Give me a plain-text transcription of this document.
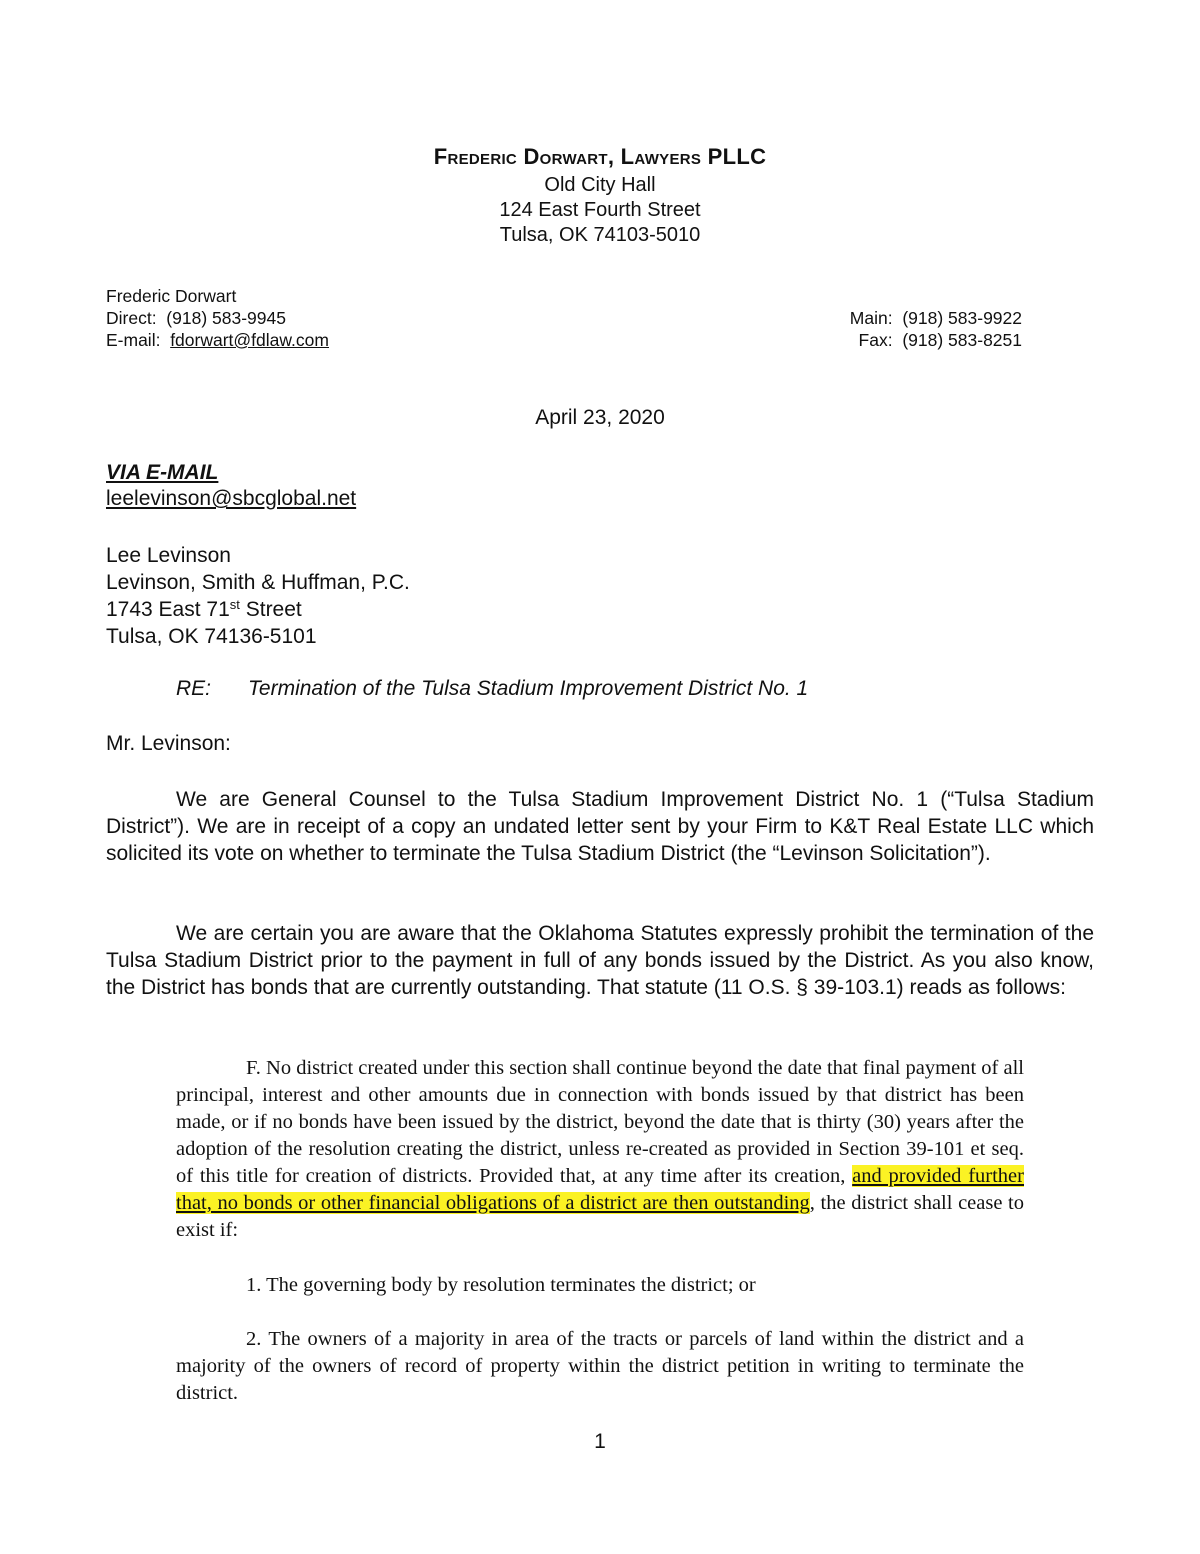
Frederic Dorwart, Lawyers PLLC
Old City Hall
124 East Fourth Street
Tulsa, OK 74103-5010
Frederic Dorwart
Direct: (918) 583-9945
E-mail: fdorwart@fdlaw.com
Main: (918) 583-9922
Fax: (918) 583-8251
April 23, 2020
VIA E-MAIL
leelevinson@sbcglobal.net
Lee Levinson
Levinson, Smith & Huffman, P.C.
1743 East 71st Street
Tulsa, OK 74136-5101
RE: Termination of the Tulsa Stadium Improvement District No. 1
Mr. Levinson:
We are General Counsel to the Tulsa Stadium Improvement District No. 1 (“Tulsa Stadium District”). We are in receipt of a copy an undated letter sent by your Firm to K&T Real Estate LLC which solicited its vote on whether to terminate the Tulsa Stadium District (the “Levinson Solicitation”).
We are certain you are aware that the Oklahoma Statutes expressly prohibit the termination of the Tulsa Stadium District prior to the payment in full of any bonds issued by the District. As you also know, the District has bonds that are currently outstanding. That statute (11 O.S. § 39-103.1) reads as follows:
F. No district created under this section shall continue beyond the date that final payment of all principal, interest and other amounts due in connection with bonds issued by that district has been made, or if no bonds have been issued by the district, beyond the date that is thirty (30) years after the adoption of the resolution creating the district, unless re-created as provided in Section 39-101 et seq. of this title for creation of districts. Provided that, at any time after its creation, and provided further that, no bonds or other financial obligations of a district are then outstanding, the district shall cease to exist if:
1. The governing body by resolution terminates the district; or
2. The owners of a majority in area of the tracts or parcels of land within the district and a majority of the owners of record of property within the district petition in writing to terminate the district.
1
